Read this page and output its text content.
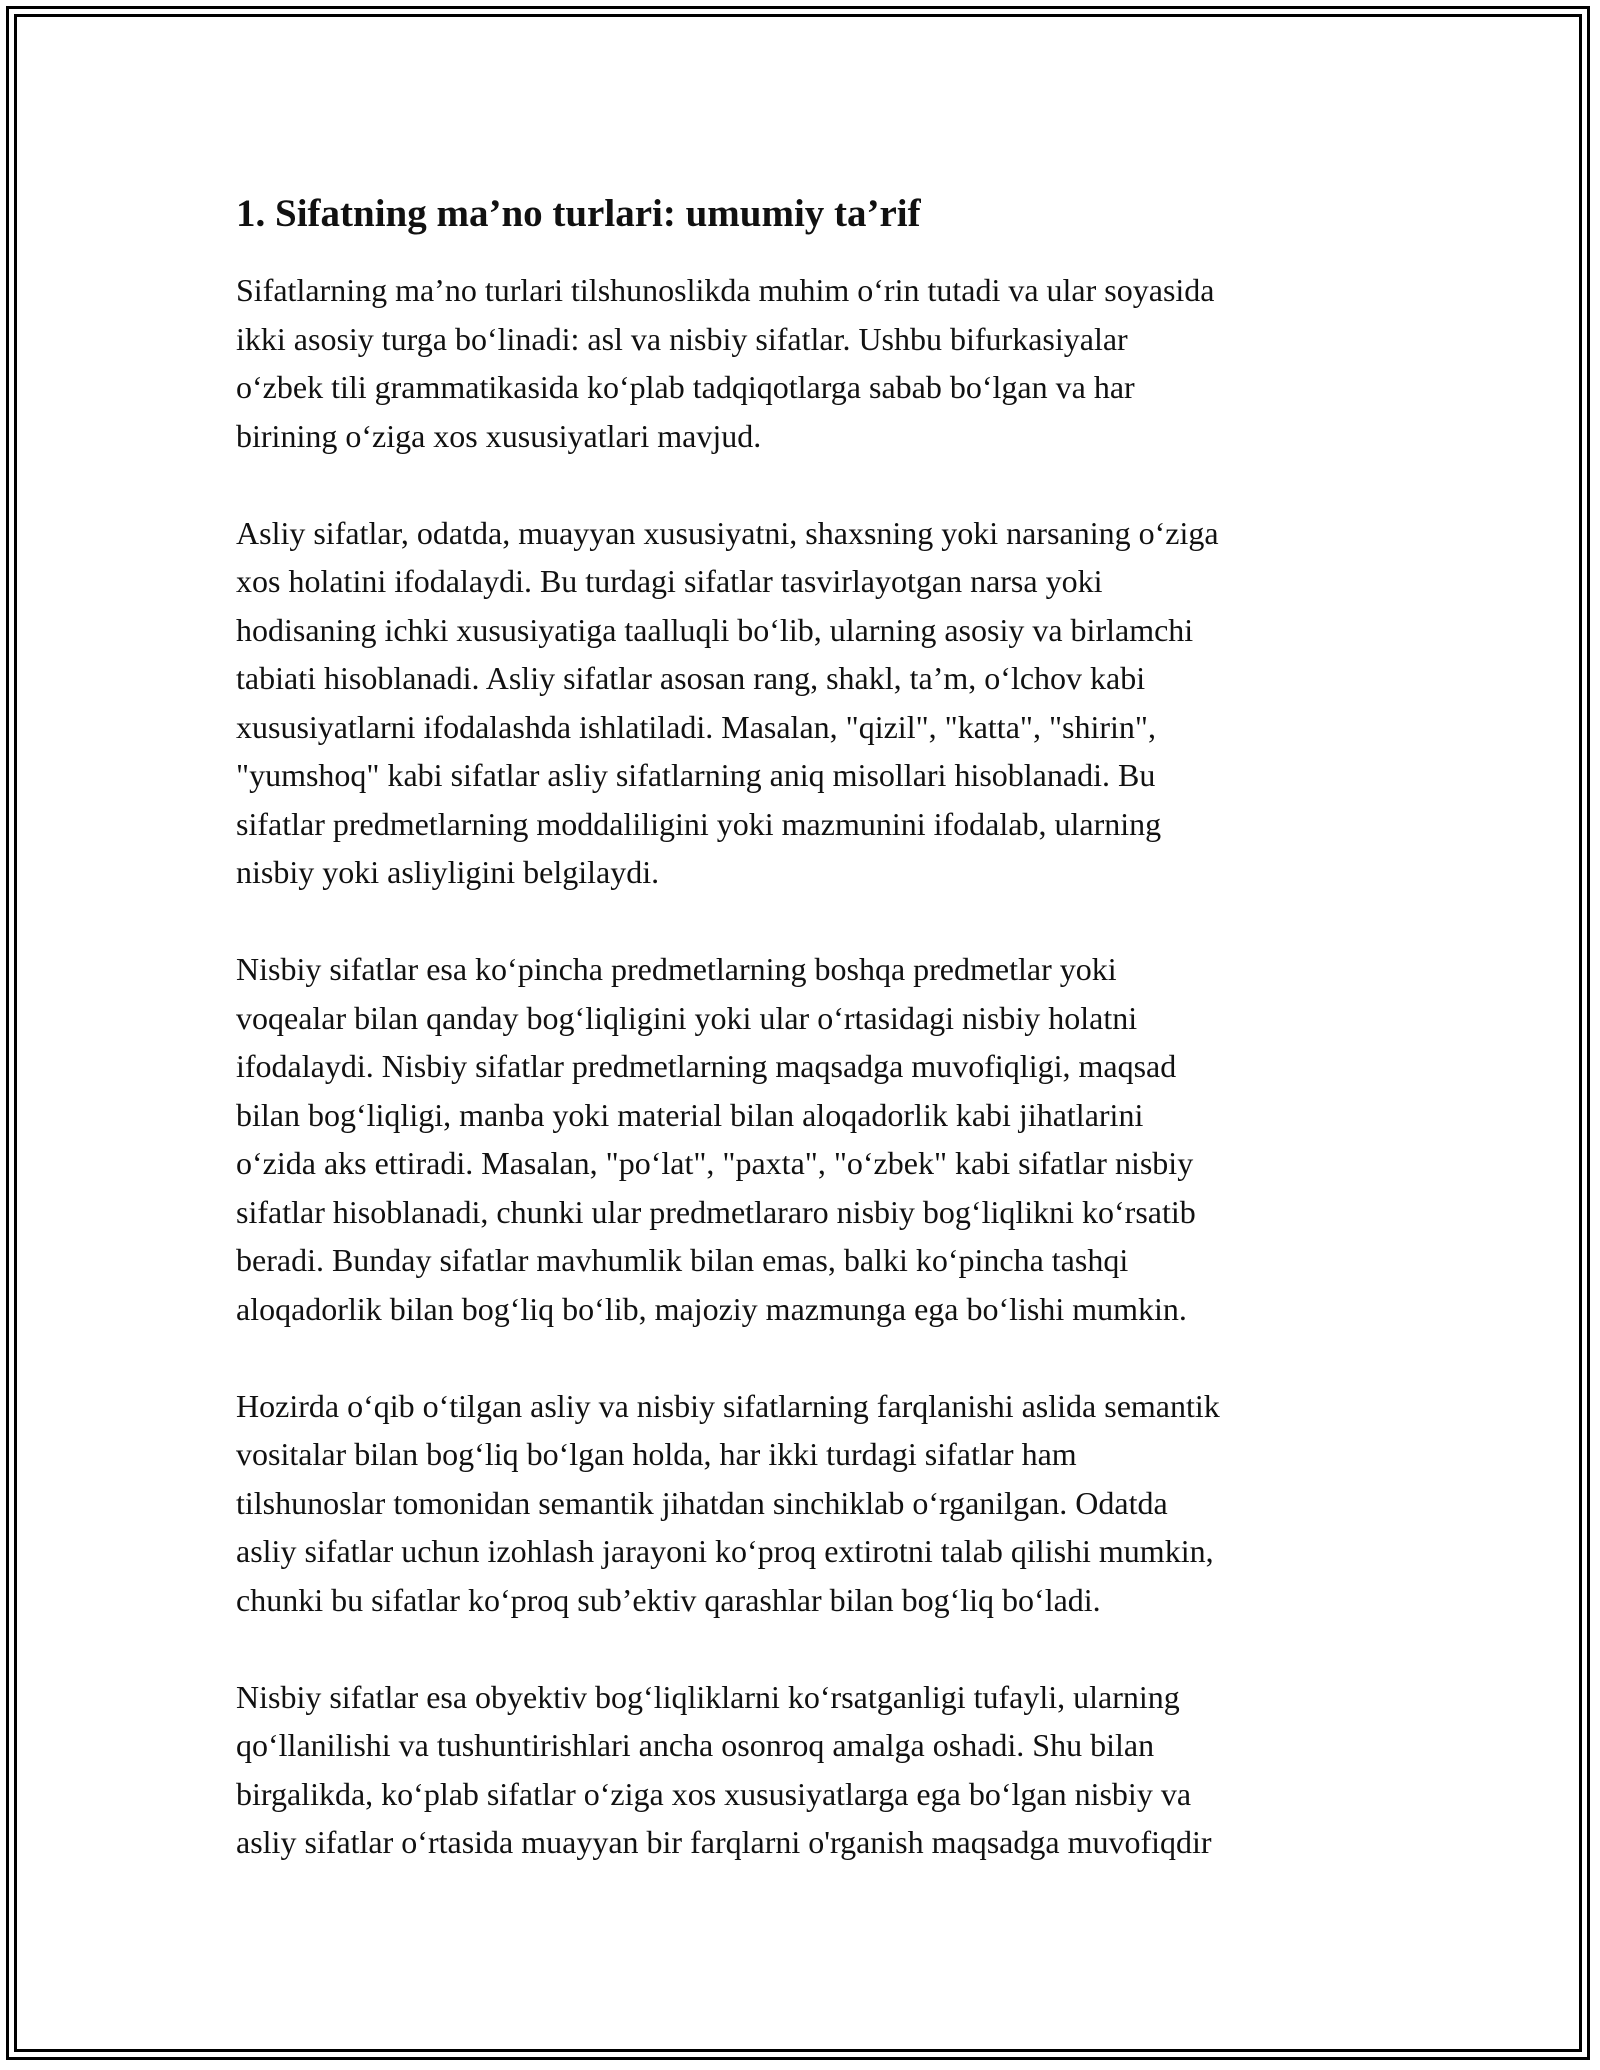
1. Sifatning ma’no turlari: umumiy ta’rif

Sifatlarning ma’no turlari tilshunoslikda muhim o‘rin tutadi va ular soyasida
ikki asosiy turga bo‘linadi: asl va nisbiy sifatlar. Ushbu bifurkasiyalar
o‘zbek tili grammatikasida ko‘plab tadqiqotlarga sabab bo‘lgan va har
birining o‘ziga xos xususiyatlari mavjud.

Asliy sifatlar, odatda, muayyan xususiyatni, shaxsning yoki narsaning o‘ziga
xos holatini ifodalaydi. Bu turdagi sifatlar tasvirlayotgan narsa yoki
hodisaning ichki xususiyatiga taalluqli bo‘lib, ularning asosiy va birlamchi
tabiati hisoblanadi. Asliy sifatlar asosan rang, shakl, ta’m, o‘lchov kabi
xususiyatlarni ifodalashda ishlatiladi. Masalan, "qizil", "katta", "shirin",
"yumshoq" kabi sifatlar asliy sifatlarning aniq misollari hisoblanadi. Bu
sifatlar predmetlarning moddaliligini yoki mazmunini ifodalab, ularning
nisbiy yoki asliyligini belgilaydi.

Nisbiy sifatlar esa ko‘pincha predmetlarning boshqa predmetlar yoki
voqealar bilan qanday bog‘liqligini yoki ular o‘rtasidagi nisbiy holatni
ifodalaydi. Nisbiy sifatlar predmetlarning maqsadga muvofiqligi, maqsad
bilan bog‘liqligi, manba yoki material bilan aloqadorlik kabi jihatlarini
o‘zida aks ettiradi. Masalan, "po‘lat", "paxta", "o‘zbek" kabi sifatlar nisbiy
sifatlar hisoblanadi, chunki ular predmetlararo nisbiy bog‘liqlikni ko‘rsatib
beradi. Bunday sifatlar mavhumlik bilan emas, balki ko‘pincha tashqi
aloqadorlik bilan bog‘liq bo‘lib, majoziy mazmunga ega bo‘lishi mumkin.

Hozirda o‘qib o‘tilgan asliy va nisbiy sifatlarning farqlanishi aslida semantik
vositalar bilan bog‘liq bo‘lgan holda, har ikki turdagi sifatlar ham
tilshunoslar tomonidan semantik jihatdan sinchiklab o‘rganilgan. Odatda
asliy sifatlar uchun izohlash jarayoni ko‘proq extirotni talab qilishi mumkin,
chunki bu sifatlar ko‘proq sub’ektiv qarashlar bilan bog‘liq bo‘ladi.

Nisbiy sifatlar esa obyektiv bog‘liqliklarni ko‘rsatganligi tufayli, ularning
qo‘llanilishi va tushuntirishlari ancha osonroq amalga oshadi. Shu bilan
birgalikda, ko‘plab sifatlar o‘ziga xos xususiyatlarga ega bo‘lgan nisbiy va
asliy sifatlar o‘rtasida muayyan bir farqlarni o'rganish maqsadga muvofiqdir
